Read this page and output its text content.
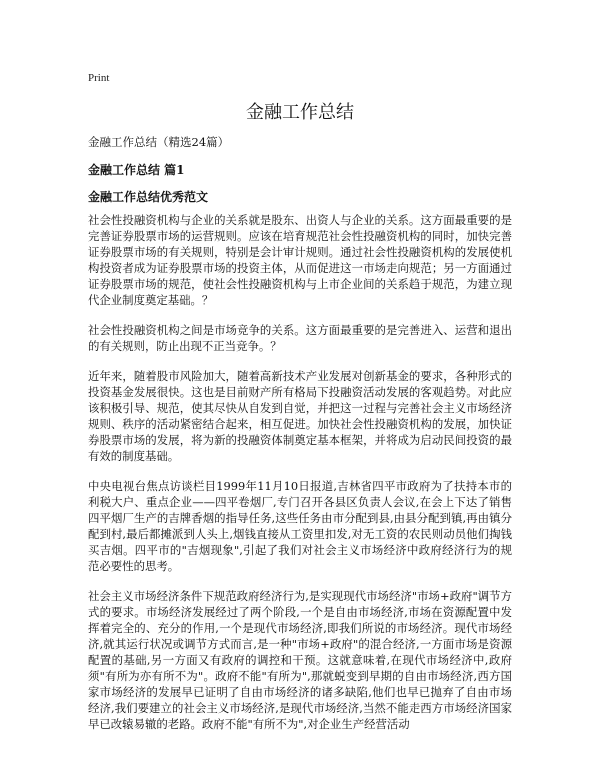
Print
金融工作总结
金融工作总结（精选24篇）
金融工作总结 篇1
金融工作总结优秀范文

社会性投融资机构与企业的关系就是股东、出资人与企业的关系。这方面最重要的是完善证券股票市场的运营规则。应该在培育规范社会性投融资机构的同时，加快完善证券股票市场的有关规则，特别是会计审计规则。通过社会性投融资机构的发展使机构投资者成为证券股票市场的投资主体，从而促进这一市场走向规范；另一方面通过证券股票市场的规范，使社会性投融资机构与上市企业间的关系趋于规范，为建立现代企业制度奠定基础。？

社会性投融资机构之间是市场竞争的关系。这方面最重要的是完善进入、运营和退出的有关规则，防止出现不正当竞争。？

近年来，随着股市风险加大，随着高新技术产业发展对创新基金的要求，各种形式的投资基金发展很快。这也是目前财产所有格局下投融资活动发展的客观趋势。对此应该积极引导、规范，使其尽快从自发到自觉，并把这一过程与完善社会主义市场经济规则、秩序的活动紧密结合起来，相互促进。加快社会性投融资机构的发展，加快证券股票市场的发展，将为新的投融资体制奠定基本框架，并将成为启动民间投资的最有效的制度基础。

中央电视台焦点访谈栏目1999年11月10日报道,吉林省四平市政府为了扶持本市的利税大户、重点企业——四平卷烟厂,专门召开各县区负责人会议,在会上下达了销售四平烟厂生产的吉牌香烟的指导任务,这些任务由市分配到县,由县分配到镇,再由镇分配到村,最后都摊派到人头上,烟钱直接从工资里扣发,对无工资的农民则动员他们掏钱买吉烟。四平市的"吉烟现象",引起了我们对社会主义市场经济中政府经济行为的规范必要性的思考。

社会主义市场经济条件下规范政府经济行为,是实现现代市场经济"市场+政府"调节方式的要求。市场经济发展经过了两个阶段,一个是自由市场经济,市场在资源配置中发挥着完全的、充分的作用,一个是现代市场经济,即我们所说的市场经济。现代市场经济,就其运行状况或调节方式而言,是一种"市场+政府"的混合经济,一方面市场是资源配置的基础,另一方面又有政府的调控和干预。这就意味着,在现代市场经济中,政府须"有所为亦有所不为"。政府不能"有所为",那就蜕变到早期的自由市场经济,西方国家市场经济的发展早已证明了自由市场经济的诸多缺陷,他们也早已抛弃了自由市场经济,我们要建立的社会主义市场经济,是现代市场经济,当然不能走西方市场经济国家早已改辕易辙的老路。政府不能"有所不为",对企业生产经营活动
